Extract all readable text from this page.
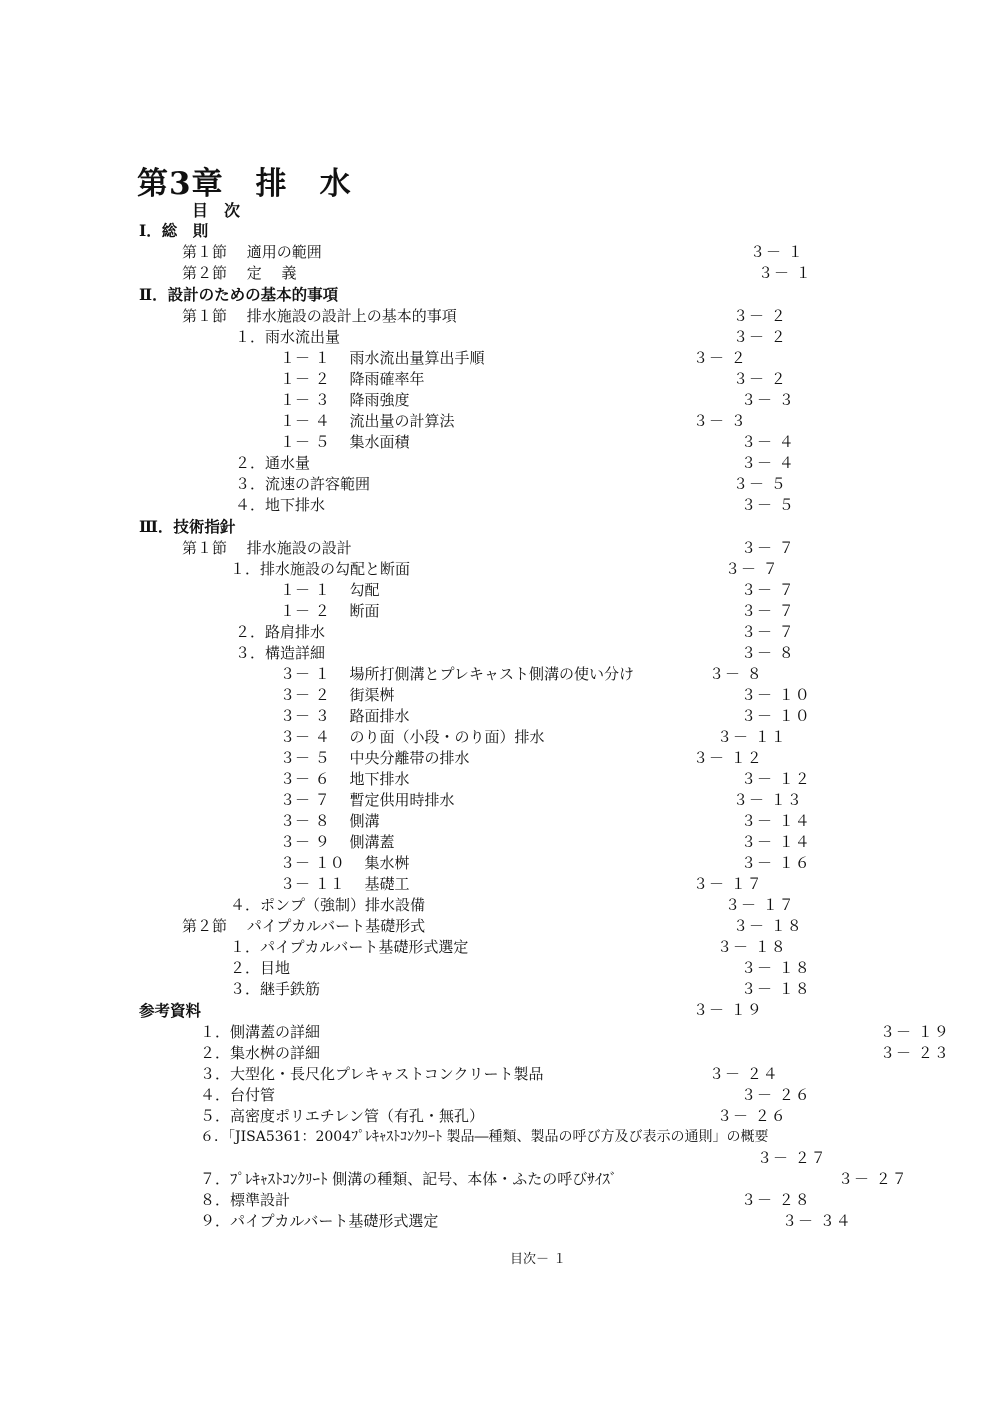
第3章　排　水
目　次
Ⅰ．総　則
第１節　 適用の範囲	３－ １
第２節　 定　 義	３－ １
Ⅱ．設計のための基本的事項
第１節　 排水施設の設計上の基本的事項	３－ ２
１．雨水流出量	３－ ２
１－ １　 雨水流出量算出手順	３－ ２
１－ ２　 降雨確率年	３－ ２
１－ ３　 降雨強度	３－ ３
１－ ４　 流出量の計算法	３－ ３
１－ ５　 集水面積	３－ ４
２．通水量	３－ ４
３．流速の許容範囲	３－ ５
４．地下排水	３－ ５
Ⅲ．技術指針
第１節　 排水施設の設計	３－ ７
１．排水施設の勾配と断面	３－ ７
１－ １　 勾配	３－ ７
１－ ２　 断面	３－ ７
２．路肩排水	３－ ７
３．構造詳細	３－ ８
３－ １　 場所打側溝とプレキャスト側溝の使い分け	３－ ８
３－ ２　 街渠桝	３－ １０
３－ ３　 路面排水	３－ １０
３－ ４　 のり面（小段・のり面）排水	３－ １１
３－ ５　 中央分離帯の排水	３－ １２
３－ ６　 地下排水	３－ １２
３－ ７　 暫定供用時排水	３－ １３
３－ ８　 側溝	３－ １４
３－ ９　 側溝蓋	３－ １４
３－ １０　 集水桝	３－ １６
３－ １１　 基礎工	３－ １７
４．ポンプ（強制）排水設備	３－ １７
第２節　 パイプカルバート基礎形式	３－ １８
１．パイプカルバート基礎形式選定	３－ １８
２．目地	３－ １８
３．継手鉄筋	３－ １８
参考資料	３－ １９
１．側溝蓋の詳細	３－ １９
２．集水桝の詳細	３－ ２３
３．大型化・長尺化プレキャストコンクリート製品	３－ ２４
４．台付管	３－ ２６
５．高密度ポリエチレン管（有孔・無孔）	３－ ２６
６．「JISA5361：2004ﾌﾟﾚｷｬｽﾄｺﾝｸﾘｰﾄ 製品―種類、製品の呼び方及び表示の通則」の概要
３－ ２７
７．ﾌﾟﾚｷｬｽﾄｺﾝｸﾘｰﾄ 側溝の種類、記号、本体・ふたの呼びｻｲｽﾞ	３－ ２７
８．標準設計	３－ ２８
９．パイプカルバート基礎形式選定	３－ ３４
目次－ １
